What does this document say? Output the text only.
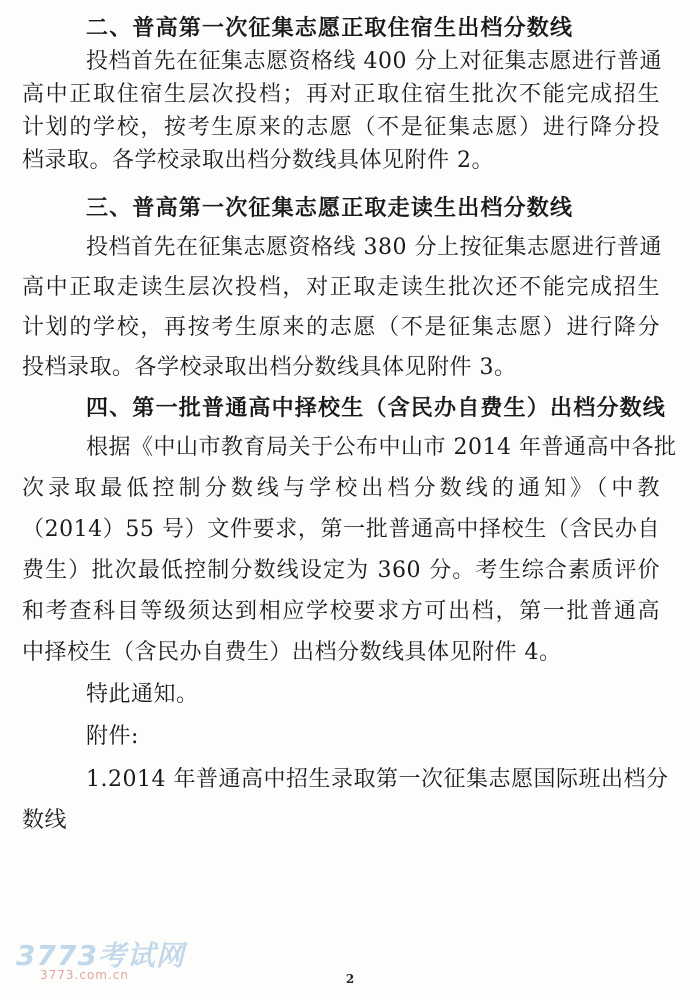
二、普高第一次征集志愿正取住宿生出档分数线
投档首先在征集志愿资格线 400 分上对征集志愿进行普通
高中正取住宿生层次投档；再对正取住宿生批次不能完成招生
计划的学校，按考生原来的志愿（不是征集志愿）进行降分投
档录取。各学校录取出档分数线具体见附件 2。
三、普高第一次征集志愿正取走读生出档分数线
投档首先在征集志愿资格线 380 分上按征集志愿进行普通
高中正取走读生层次投档，对正取走读生批次还不能完成招生
计划的学校，再按考生原来的志愿（不是征集志愿）进行降分
投档录取。各学校录取出档分数线具体见附件 3。
四、第一批普通高中择校生（含民办自费生）出档分数线
根据《中山市教育局关于公布中山市 2014 年普通高中各批
次录取最低控制分数线与学校出档分数线的通知》（中教
（2014）55 号）文件要求，第一批普通高中择校生（含民办自
费生）批次最低控制分数线设定为 360 分。考生综合素质评价
和考查科目等级须达到相应学校要求方可出档，第一批普通高
中择校生（含民办自费生）出档分数线具体见附件 4。
特此通知。
附件:
1.2014 年普通高中招生录取第一次征集志愿国际班出档分
数线
3773考试网
3773.com.cn	2
